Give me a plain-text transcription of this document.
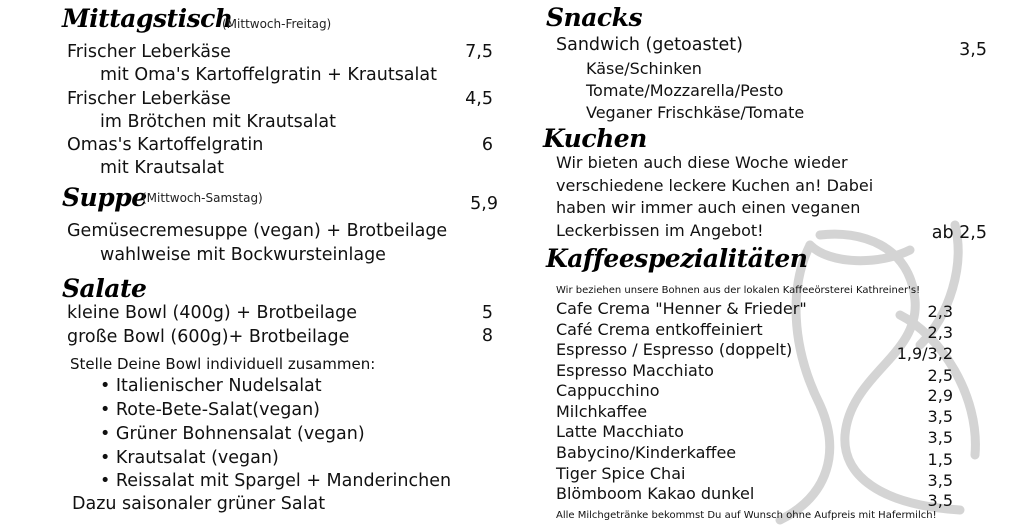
Mittagstisch
(Mittwoch-Freitag)
Frischer Leberkäse
mit Oma's Kartoffelgratin + Krautsalat
7,5
Frischer Leberkäse
im Brötchen mit Krautsalat
4,5
Omas's Kartoffelgratin
mit Krautsalat
6
Suppe
(Mittwoch-Samstag)	5,9
Gemüsecremesuppe (vegan) + Brotbeilage
wahlweise mit Bockwursteinlage
Salate
kleine Bowl (400g) + Brotbeilage	5
große Bowl (600g)+ Brotbeilage	8
Stelle Deine Bowl individuell zusammen:
• Italienischer Nudelsalat
• Rote-Bete-Salat(vegan)
• Grüner Bohnensalat (vegan)
• Krautsalat (vegan)
• Reissalat mit Spargel + Manderinchen
Dazu saisonaler grüner Salat
Snacks
Sandwich (getoastet)	3,5
Käse/Schinken
Tomate/Mozzarella/Pesto
Veganer Frischkäse/Tomate
Kuchen
Wir bieten auch diese Woche wieder
verschiedene leckere Kuchen an! Dabei
haben wir immer auch einen veganen
Leckerbissen im Angebot!	ab 2,5
Kaffeespezialitäten
Wir beziehen unsere Bohnen aus der lokalen Kaffeeörsterei Kathreiner's!
Cafe Crema "Henner & Frieder"	2,3
Café Crema entkoffeiniert	2,3
Espresso / Espresso (doppelt)	1,9/3,2
Espresso Macchiato	2,5
Cappucchino	2,9
Milchkaffee	3,5
Latte Macchiato	3,5
Babycino/Kinderkaffee	1,5
Tiger Spice Chai	3,5
Blömboom Kakao dunkel	3,5
Alle Milchgetränke bekommst Du auf Wunsch ohne Aufpreis mit Hafermilch!
